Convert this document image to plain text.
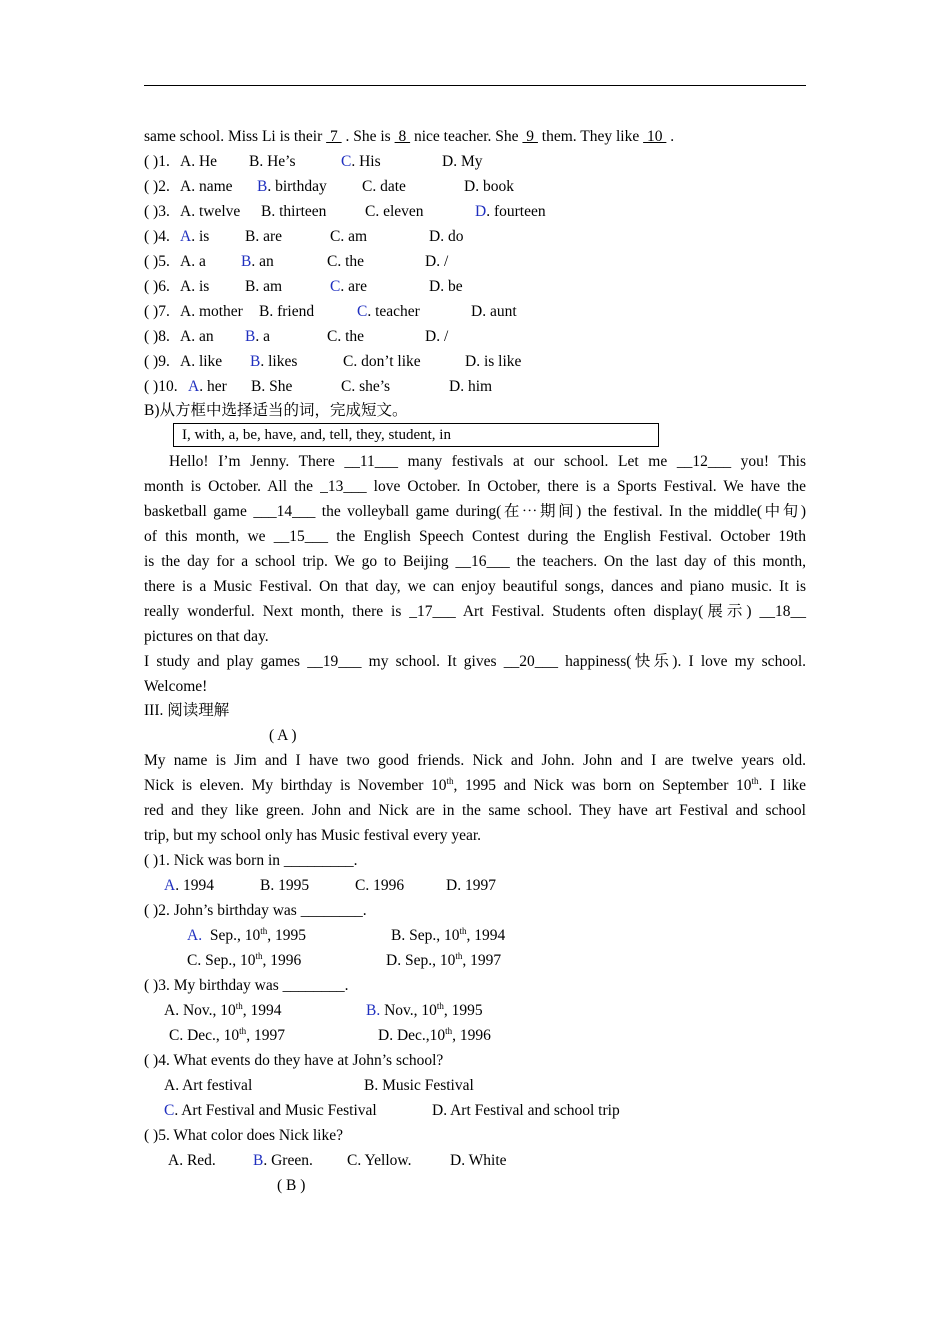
same school. Miss Li is their  7  . She is  8  nice teacher. She  9  them. They like  10  .
( )1. A. He B. He’s	C. His	D. My
( )2. A. name B. birthday C. date	D. book
( )3. A. twelve B. thirteen C. eleven	D. fourteen
( )4. A. is B. are	C. am	D. do
( )5. A. a B. an	C. the	D. /
( )6. A. is B. am	C. are	D. be
( )7. A. mother B. friend	C. teacher	D. aunt
( )8. A. an B. a	C. the	D. /
( )9. A. like B. likes	C. don’t like	D. is like
( )10. A. her B. She	C. she’s	D. him
B)从方框中选择适当的词，完成短文。
I, with, a, be, have, and, tell, they, student, in
Hello! I’m Jenny. There __11___ many festivals at our school. Let me __12___ you! This
month is October. All the _13___ love October. In October, there is a Sports Festival. We have the
basketball game ___14___ the volleyball game during(在⋯期间) the festival. In the middle(中旬)
of this month, we __15___ the English Speech Contest during the English Festival. October 19th
is the day for a school trip. We go to Beijing __16___ the teachers. On the last day of this month,
there is a Music Festival. On that day, we can enjoy beautiful songs, dances and piano music. It is
really wonderful. Next month, there is _17___ Art Festival. Students often display(展示) __18__
pictures on that day.
I study and play games __19___ my school. It gives __20___ happiness(快乐). I love my school.
Welcome!
III. 阅读理解
( A )
My name is Jim and I have two good friends. Nick and John. John and I are twelve years old.
Nick is eleven. My birthday is November 10th, 1995 and Nick was born on September 10th. I like
red and they like green. John and Nick are in the same school. They have art Festival and school
trip, but my school only has Music festival every year.
( )1. Nick was born in _________.
A. 1994	B. 1995	C. 1996	D. 1997
( )2. John’s birthday was ________.
A.  Sep., 10th, 1995	B. Sep., 10th, 1994
C. Sep., 10th, 1996	D. Sep., 10th, 1997
( )3. My birthday was ________.
A. Nov., 10th, 1994	B. Nov., 10th, 1995
C. Dec., 10th, 1997	D. Dec.,10th, 1996
( )4. What events do they have at John’s school?
A. Art festival	B. Music Festival
C. Art Festival and Music Festival	D. Art Festival and school trip
( )5. What color does Nick like?
A. Red. B. Green. C. Yellow. D. White
( B )
